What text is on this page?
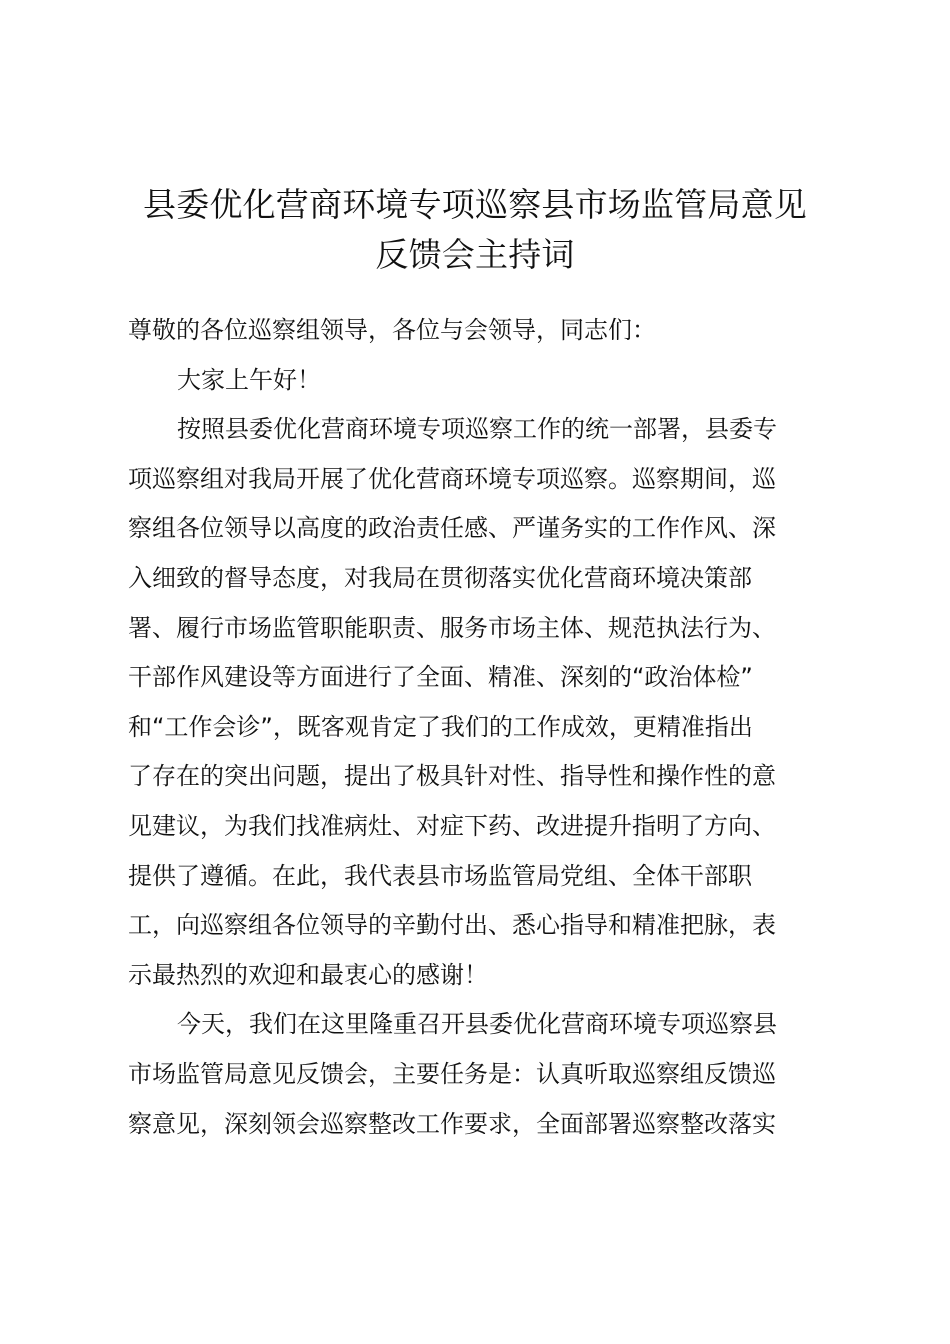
县委优化营商环境专项巡察县市场监管局意见
反馈会主持词
尊敬的各位巡察组领导，各位与会领导，同志们：
大家上午好！
按照县委优化营商环境专项巡察工作的统一部署，县委专
项巡察组对我局开展了优化营商环境专项巡察。巡察期间，巡
察组各位领导以高度的政治责任感、严谨务实的工作作风、深
入细致的督导态度，对我局在贯彻落实优化营商环境决策部
署、履行市场监管职能职责、服务市场主体、规范执法行为、
干部作风建设等方面进行了全面、精准、深刻的“政治体检”
和“工作会诊”，既客观肯定了我们的工作成效，更精准指出
了存在的突出问题，提出了极具针对性、指导性和操作性的意
见建议，为我们找准病灶、对症下药、改进提升指明了方向、
提供了遵循。在此，我代表县市场监管局党组、全体干部职
工，向巡察组各位领导的辛勤付出、悉心指导和精准把脉，表
示最热烈的欢迎和最衷心的感谢！
今天，我们在这里隆重召开县委优化营商环境专项巡察县
市场监管局意见反馈会，主要任务是：认真听取巡察组反馈巡
察意见，深刻领会巡察整改工作要求，全面部署巡察整改落实
